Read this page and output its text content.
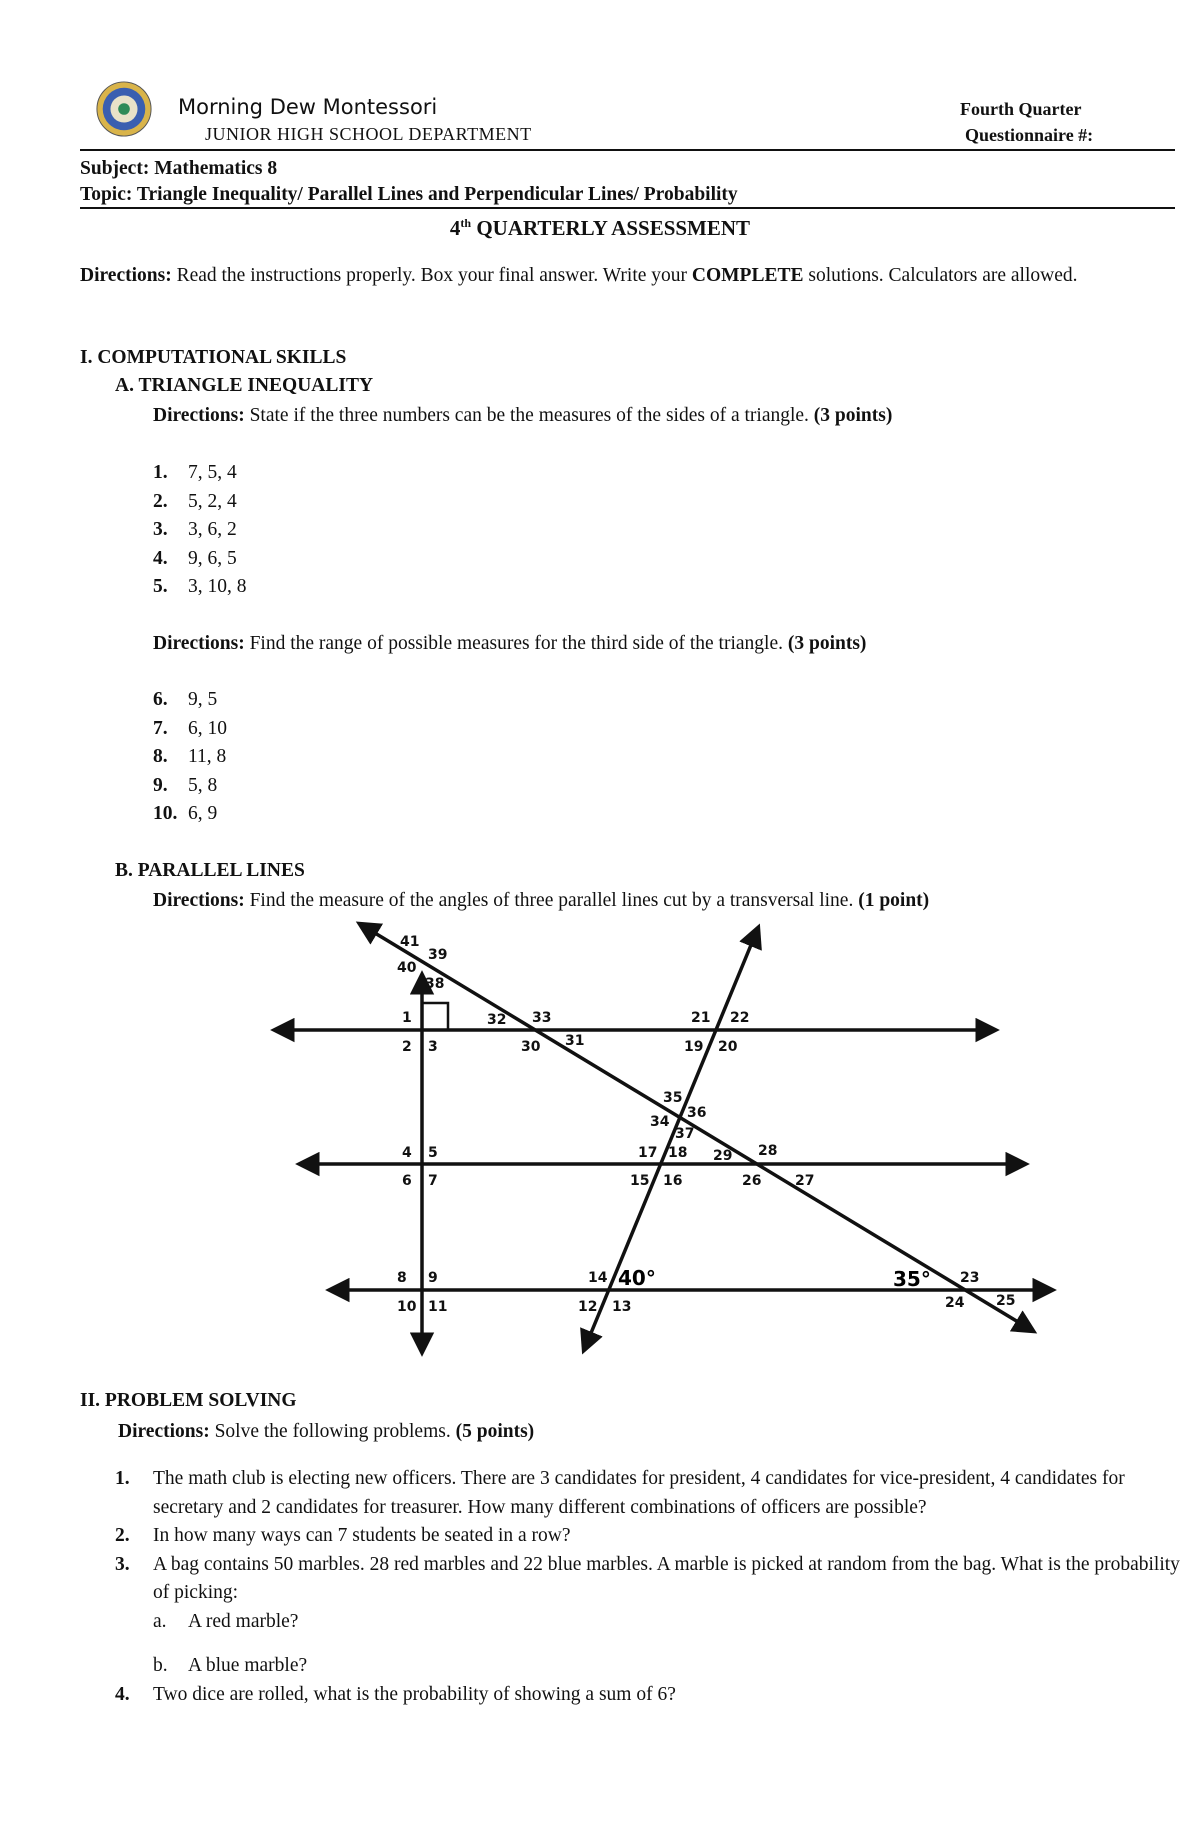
Morning Dew Montessori
JUNIOR HIGH SCHOOL DEPARTMENT
Fourth Quarter
Questionnaire #:
Subject: Mathematics 8
Topic: Triangle Inequality/ Parallel Lines and Perpendicular Lines/ Probability
4th QUARTERLY ASSESSMENT
Directions: Read the instructions properly. Box your final answer. Write your COMPLETE solutions. Calculators are allowed.
I. COMPUTATIONAL SKILLS
A. TRIANGLE INEQUALITY
Directions: State if the three numbers can be the measures of the sides of a triangle. (3 points)
1. 7, 5, 4
2. 5, 2, 4
3. 3, 6, 2
4. 9, 6, 5
5. 3, 10, 8
Directions: Find the range of possible measures for the third side of the triangle. (3 points)
6. 9, 5
7. 6, 10
8. 11, 8
9. 5, 8
10. 6, 9
B. PARALLEL LINES
Directions: Find the measure of the angles of three parallel lines cut by a transversal line. (1 point)
1
2 3
4 5
6 7
8 9
10 11	12 13
14
15 16
17 18
19 20
21 22
23
24 25
26 27
28
29
30 31
32 33
34
35
36
37
38
39
40
41
40°	35°
II. PROBLEM SOLVING
Directions: Solve the following problems. (5 points)
1. The math club is electing new officers. There are 3 candidates for president, 4 candidates for vice-president, 4 candidates for secretary and 2 candidates for treasurer. How many different combinations of officers are possible?
2. In how many ways can 7 students be seated in a row?
3. A bag contains 50 marbles. 28 red marbles and 22 blue marbles. A marble is picked at random from the bag. What is the probability of picking:
a. A red marble?
b. A blue marble?
4. Two dice are rolled, what is the probability of showing a sum of 6?
